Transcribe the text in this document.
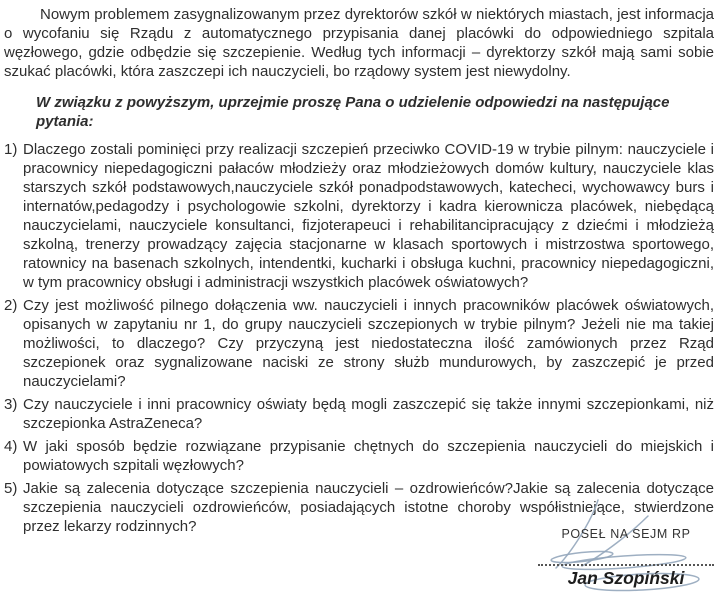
Nowym problemem zasygnalizowanym przez dyrektorów szkół w niektórych miastach, jest informacja o wycofaniu się Rządu z automatycznego przypisania danej placówki do odpowiedniego szpitala węzłowego, gdzie odbędzie się szczepienie. Według tych informacji – dyrektorzy szkół mają sami sobie szukać placówki, która zaszczepi ich nauczycieli, bo rządowy system jest niewydolny.

W związku z powyższym, uprzejmie proszę Pana o udzielenie odpowiedzi na następujące pytania:

1) Dlaczego zostali pominięci przy realizacji szczepień przeciwko COVID-19 w trybie pilnym: nauczyciele i pracownicy niepedagogiczni pałaców młodzieży oraz młodzieżowych domów kultury, nauczyciele klas starszych szkół podstawowych,nauczyciele szkół ponadpodstawowych, katecheci, wychowawcy burs i internatów,pedagodzy i psychologowie szkolni, dyrektorzy i kadra kierownicza placówek, niebędącą nauczycielami, nauczyciele konsultanci, fizjoterapeuci i rehabilitancipracujący z dziećmi i młodzieżą szkolną, trenerzy prowadzący zajęcia stacjonarne w klasach sportowych i mistrzostwa sportowego, ratownicy na basenach szkolnych, intendentki, kucharki i obsługa kuchni, pracownicy niepedagogiczni, w tym pracownicy obsługi i administracji wszystkich placówek oświatowych?
2) Czy jest możliwość pilnego dołączenia ww. nauczycieli i innych pracowników placówek oświatowych, opisanych w zapytaniu nr 1, do grupy nauczycieli szczepionych w trybie pilnym? Jeżeli nie ma takiej możliwości, to dlaczego? Czy przyczyną jest niedostateczna ilość zamówionych przez Rząd szczepionek oraz sygnalizowane naciski ze strony służb mundurowych, by zaszczepić je przed nauczycielami?
3) Czy nauczyciele i inni pracownicy oświaty będą mogli zaszczepić się także innymi szczepionkami, niż szczepionka AstraZeneca?
4) W jaki sposób będzie rozwiązane przypisanie chętnych do szczepienia nauczycieli do miejskich i powiatowych szpitali węzłowych?
5) Jakie są zalecenia dotyczące szczepienia nauczycieli – ozdrowieńców?Jakie są zalecenia dotyczące szczepienia nauczycieli ozdrowieńców, posiadających istotne choroby współistniejące, stwierdzone przez lekarzy rodzinnych?	POSEŁ NA SEJM RP
Jan Szopiński
